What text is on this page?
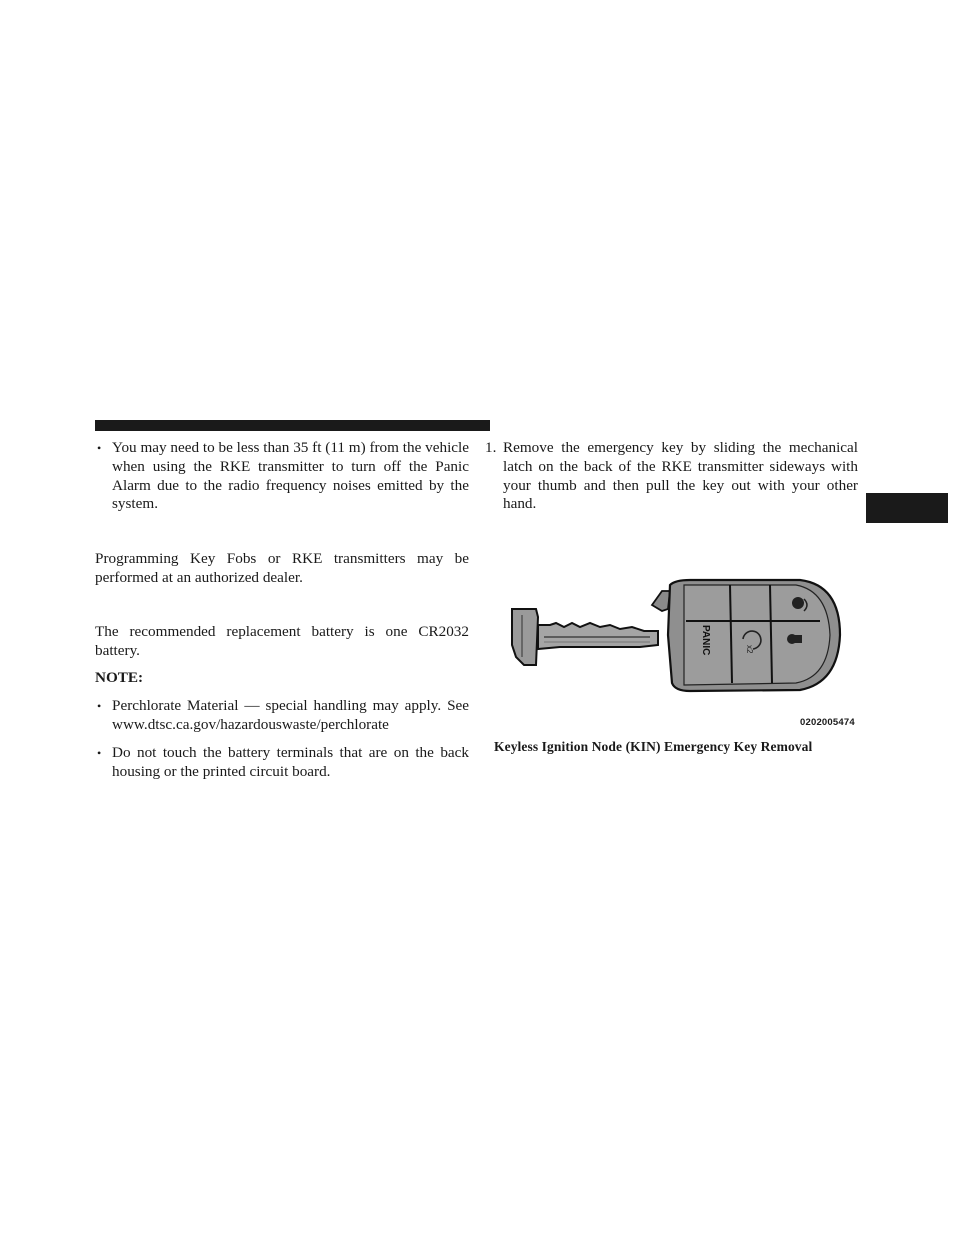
• You may need to be less than 35 ft (11 m) from the vehicle when using the RKE transmitter to turn off the Panic Alarm due to the radio frequency noises emitted by the system.

Programming Key Fobs or RKE transmitters may be performed at an authorized dealer.

The recommended replacement battery is one CR2032 battery.

NOTE:
• Perchlorate Material — special handling may apply. See www.dtsc.ca.gov/hazardouswaste/perchlorate
• Do not touch the battery terminals that are on the back housing or the printed circuit board.
1. Remove the emergency key by sliding the mechanical latch on the back of the RKE transmitter sideways with your thumb and then pull the key out with your other hand.
x2
PANIC
0202005474
Keyless Ignition Node (KIN) Emergency Key Removal
